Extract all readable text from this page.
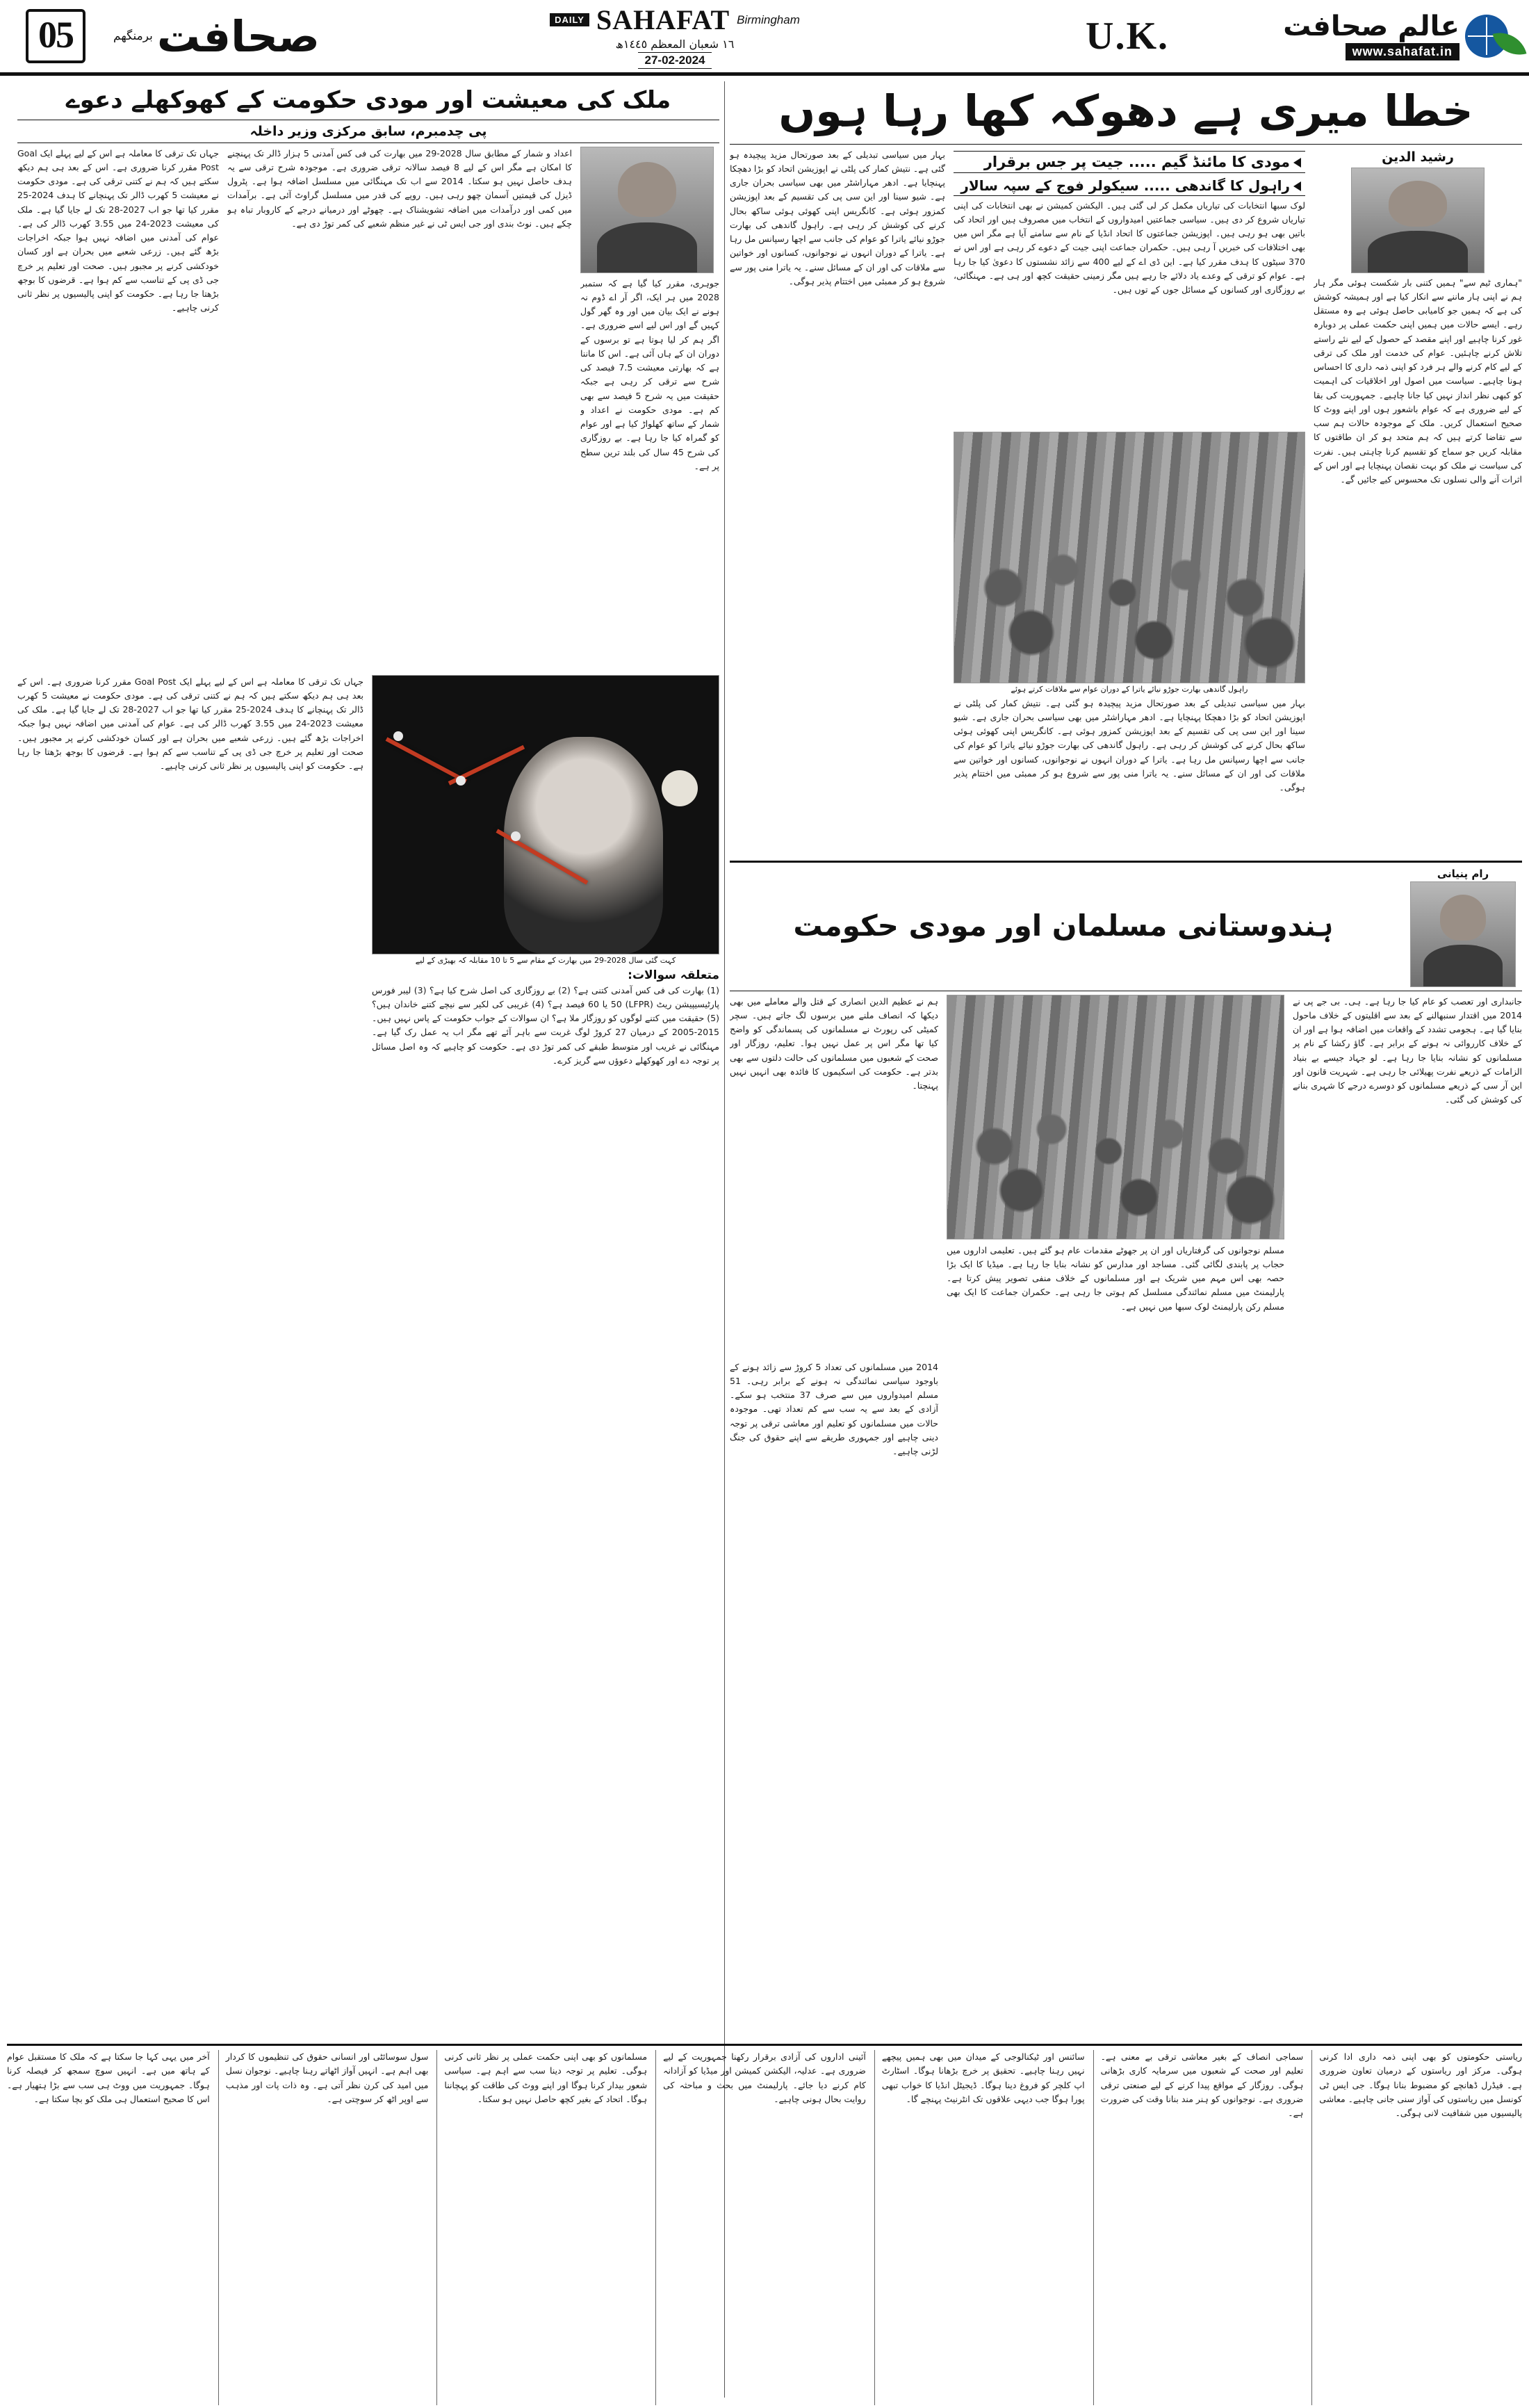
05 صحافت
برمنگھم
DAILY SAHAFAT Birmingham
١٦ شعبان المعظم ١٤٤٥ھ
27-02-2024
U.K.	عالم صحافت
www.sahafat.in
خطا میری ہے دھوکہ کھا رہا ہوں
رشید الدین
"ہماری ٹیم سے" ہمیں کتنی بار شکست ہوئی مگر ہار ہم نے اپنی ہار ماننے سے انکار کیا ہے اور ہمیشہ کوشش کی ہے کہ ہمیں جو کامیابی حاصل ہوئی ہے وہ مستقل رہے۔ ایسے حالات میں ہمیں اپنی حکمت عملی پر دوبارہ غور کرنا چاہیے اور اپنے مقصد کے حصول کے لیے نئے راستے تلاش کرنے چاہئیں۔ عوام کی خدمت اور ملک کی ترقی کے لیے کام کرنے والے ہر فرد کو اپنی ذمہ داری کا احساس ہونا چاہیے۔ سیاست میں اصول اور اخلاقیات کی اہمیت کو کبھی نظر انداز نہیں کیا جانا چاہیے۔ جمہوریت کی بقا کے لیے ضروری ہے کہ عوام باشعور ہوں اور اپنے ووٹ کا صحیح استعمال کریں۔ ملک کے موجودہ حالات ہم سب سے تقاضا کرتے ہیں کہ ہم متحد ہو کر ان طاقتوں کا مقابلہ کریں جو سماج کو تقسیم کرنا چاہتی ہیں۔ نفرت کی سیاست نے ملک کو بہت نقصان پہنچایا ہے اور اس کے اثرات آنے والی نسلوں تک محسوس کیے جائیں گے۔
مودی کا مائنڈ گیم ..... جیت پر جس برقرار
راہول کا گاندھی ..... سیکولر فوج کے سپہ سالار
لوک سبھا انتخابات کی تیاریاں مکمل کر لی گئی ہیں۔ الیکشن کمیشن نے بھی انتخابات کی اپنی تیاریاں شروع کر دی ہیں۔ سیاسی جماعتیں امیدواروں کے انتخاب میں مصروف ہیں اور اتحاد کی باتیں بھی ہو رہی ہیں۔ اپوزیشن جماعتوں کا اتحاد انڈیا کے نام سے سامنے آیا ہے مگر اس میں بھی اختلافات کی خبریں آ رہی ہیں۔ حکمران جماعت اپنی جیت کے دعوے کر رہی ہے اور اس نے 370 سیٹوں کا ہدف مقرر کیا ہے۔ این ڈی اے کے لیے 400 سے زائد نشستوں کا دعویٰ کیا جا رہا ہے۔ عوام کو ترقی کے وعدے یاد دلائے جا رہے ہیں مگر زمینی حقیقت کچھ اور ہی ہے۔ مہنگائی، بے روزگاری اور کسانوں کے مسائل جوں کے توں ہیں۔
راہول گاندھی بھارت جوڑو نیائے یاترا کے دوران عوام سے ملاقات کرتے ہوئے
بہار میں سیاسی تبدیلی کے بعد صورتحال مزید پیچیدہ ہو گئی ہے۔ نتیش کمار کی پلٹی نے اپوزیشن اتحاد کو بڑا دھچکا پہنچایا ہے۔ ادھر مہاراشٹر میں بھی سیاسی بحران جاری ہے۔ شیو سینا اور این سی پی کی تقسیم کے بعد اپوزیشن کمزور ہوئی ہے۔ کانگریس اپنی کھوئی ہوئی ساکھ بحال کرنے کی کوشش کر رہی ہے۔ راہول گاندھی کی بھارت جوڑو نیائے یاترا کو عوام کی جانب سے اچھا رسپانس مل رہا ہے۔ یاترا کے دوران انہوں نے نوجوانوں، کسانوں اور خواتین سے ملاقات کی اور ان کے مسائل سنے۔ یہ یاترا منی پور سے شروع ہو کر ممبئی میں اختتام پذیر ہوگی۔
بہار میں سیاسی تبدیلی کے بعد صورتحال مزید پیچیدہ ہو گئی ہے۔ نتیش کمار کی پلٹی نے اپوزیشن اتحاد کو بڑا دھچکا پہنچایا ہے۔ ادھر مہاراشٹر میں بھی سیاسی بحران جاری ہے۔ شیو سینا اور این سی پی کی تقسیم کے بعد اپوزیشن کمزور ہوئی ہے۔ کانگریس اپنی کھوئی ہوئی ساکھ بحال کرنے کی کوشش کر رہی ہے۔ راہول گاندھی کی بھارت جوڑو نیائے یاترا کو عوام کی جانب سے اچھا رسپانس مل رہا ہے۔ یاترا کے دوران انہوں نے نوجوانوں، کسانوں اور خواتین سے ملاقات کی اور ان کے مسائل سنے۔ یہ یاترا منی پور سے شروع ہو کر ممبئی میں اختتام پذیر ہوگی۔
رام پنیانی
ہندوستانی مسلمان اور مودی حکومت
جانبداری اور تعصب کو عام کیا جا رہا ہے۔ ہی۔ بی جے پی نے 2014 میں اقتدار سنبھالنے کے بعد سے اقلیتوں کے خلاف ماحول بنایا گیا ہے۔ ہجومی تشدد کے واقعات میں اضافہ ہوا ہے اور ان کے خلاف کارروائی نہ ہونے کے برابر ہے۔ گاؤ رکشا کے نام پر مسلمانوں کو نشانہ بنایا جا رہا ہے۔ لو جہاد جیسے بے بنیاد الزامات کے ذریعے نفرت پھیلائی جا رہی ہے۔ شہریت قانون اور این آر سی کے ذریعے مسلمانوں کو دوسرے درجے کا شہری بنانے کی کوشش کی گئی۔
مسلم نوجوانوں کی گرفتاریاں اور ان پر جھوٹے مقدمات عام ہو گئے ہیں۔ تعلیمی اداروں میں حجاب پر پابندی لگائی گئی۔ مساجد اور مدارس کو نشانہ بنایا جا رہا ہے۔ میڈیا کا ایک بڑا حصہ بھی اس مہم میں شریک ہے اور مسلمانوں کے خلاف منفی تصویر پیش کرتا ہے۔ پارلیمنٹ میں مسلم نمائندگی مسلسل کم ہوتی جا رہی ہے۔ حکمران جماعت کا ایک بھی مسلم رکن پارلیمنٹ لوک سبھا میں نہیں ہے۔
ہم نے عظیم الدین انصاری کے قتل والے معاملے میں بھی دیکھا کہ انصاف ملنے میں برسوں لگ جاتے ہیں۔ سچر کمیٹی کی رپورٹ نے مسلمانوں کی پسماندگی کو واضح کیا تھا مگر اس پر عمل نہیں ہوا۔ تعلیم، روزگار اور صحت کے شعبوں میں مسلمانوں کی حالت دلتوں سے بھی بدتر ہے۔ حکومت کی اسکیموں کا فائدہ بھی انہیں نہیں پہنچتا۔
2014 میں مسلمانوں کی تعداد 5 کروڑ سے زائد ہونے کے باوجود سیاسی نمائندگی نہ ہونے کے برابر رہی۔ 51 مسلم امیدواروں میں سے صرف 37 منتخب ہو سکے۔ آزادی کے بعد سے یہ سب سے کم تعداد تھی۔ موجودہ حالات میں مسلمانوں کو تعلیم اور معاشی ترقی پر توجہ دینی چاہیے اور جمہوری طریقے سے اپنے حقوق کی جنگ لڑنی چاہیے۔
ملک کی معیشت اور مودی حکومت کے کھوکھلے دعوے
پی چدمبرم، سابق مرکزی وزیر داخلہ
جوہری، مقرر کیا گیا ہے کہ ستمبر 2028 میں ہر ایک، اگر آر اے ڈوم نہ ہونے نے ایک بیان میں اور وہ گھر گول کہیں گے اور اس لیے اسے ضروری ہے۔ اگر ہم کر لیا ہوتا ہے تو برسوں کے دوران ان کے ہاں آئی ہے۔ اس کا ماننا ہے کہ بھارتی معیشت 7.5 فیصد کی شرح سے ترقی کر رہی ہے جبکہ حقیقت میں یہ شرح 5 فیصد سے بھی کم ہے۔ مودی حکومت نے اعداد و شمار کے ساتھ کھلواڑ کیا ہے اور عوام کو گمراہ کیا جا رہا ہے۔ بے روزگاری کی شرح 45 سال کی بلند ترین سطح پر ہے۔
اعداد و شمار کے مطابق سال 2028-29 میں بھارت کی فی کس آمدنی 5 ہزار ڈالر تک پہنچنے کا امکان ہے مگر اس کے لیے 8 فیصد سالانہ ترقی ضروری ہے۔ موجودہ شرح ترقی سے یہ ہدف حاصل نہیں ہو سکتا۔ 2014 سے اب تک مہنگائی میں مسلسل اضافہ ہوا ہے۔ پٹرول ڈیزل کی قیمتیں آسمان چھو رہی ہیں۔ روپے کی قدر میں مسلسل گراوٹ آئی ہے۔ برآمدات میں کمی اور درآمدات میں اضافہ تشویشناک ہے۔ چھوٹے اور درمیانے درجے کے کاروبار تباہ ہو چکے ہیں۔ نوٹ بندی اور جی ایس ٹی نے غیر منظم شعبے کی کمر توڑ دی ہے۔
جہاں تک ترقی کا معاملہ ہے اس کے لیے پہلے ایک Goal Post مقرر کرنا ضروری ہے۔ اس کے بعد ہی ہم دیکھ سکتے ہیں کہ ہم نے کتنی ترقی کی ہے۔ مودی حکومت نے معیشت 5 کھرب ڈالر تک پہنچانے کا ہدف 2024-25 مقرر کیا تھا جو اب 2027-28 تک لے جایا گیا ہے۔ ملک کی معیشت 2023-24 میں 3.55 کھرب ڈالر کی ہے۔ عوام کی آمدنی میں اضافہ نہیں ہوا جبکہ اخراجات بڑھ گئے ہیں۔ زرعی شعبے میں بحران ہے اور کسان خودکشی کرنے پر مجبور ہیں۔ صحت اور تعلیم پر خرچ جی ڈی پی کے تناسب سے کم ہوا ہے۔ قرضوں کا بوجھ بڑھتا جا رہا ہے۔ حکومت کو اپنی پالیسیوں پر نظر ثانی کرنی چاہیے۔
کہت گئی سال 2028-29 میں بھارت کے مقام سے 5 تا 10 مقابلہ کہ بھیڑی کے لیے
متعلقہ سوالات:
(1) بھارت کی فی کس آمدنی کتنی ہے؟ (2) بے روزگاری کی اصل شرح کیا ہے؟ (3) لیبر فورس پارٹیسیپیشن ریٹ (LFPR) 50 یا 60 فیصد ہے؟ (4) غریبی کی لکیر سے نیچے کتنے خاندان ہیں؟ (5) حقیقت میں کتنے لوگوں کو روزگار ملا ہے؟ ان سوالات کے جواب حکومت کے پاس نہیں ہیں۔ 2015-2005 کے درمیان 27 کروڑ لوگ غربت سے باہر آئے تھے مگر اب یہ عمل رک گیا ہے۔ مہنگائی نے غریب اور متوسط طبقے کی کمر توڑ دی ہے۔ حکومت کو چاہیے کہ وہ اصل مسائل پر توجہ دے اور کھوکھلے دعوؤں سے گریز کرے۔
جہاں تک ترقی کا معاملہ ہے اس کے لیے پہلے ایک Goal Post مقرر کرنا ضروری ہے۔ اس کے بعد ہی ہم دیکھ سکتے ہیں کہ ہم نے کتنی ترقی کی ہے۔ مودی حکومت نے معیشت 5 کھرب ڈالر تک پہنچانے کا ہدف 2024-25 مقرر کیا تھا جو اب 2027-28 تک لے جایا گیا ہے۔ ملک کی معیشت 2023-24 میں 3.55 کھرب ڈالر کی ہے۔ عوام کی آمدنی میں اضافہ نہیں ہوا جبکہ اخراجات بڑھ گئے ہیں۔ زرعی شعبے میں بحران ہے اور کسان خودکشی کرنے پر مجبور ہیں۔ صحت اور تعلیم پر خرچ جی ڈی پی کے تناسب سے کم ہوا ہے۔ قرضوں کا بوجھ بڑھتا جا رہا ہے۔ حکومت کو اپنی پالیسیوں پر نظر ثانی کرنی چاہیے۔
ریاستی حکومتوں کو بھی اپنی ذمہ داری ادا کرنی ہوگی۔ مرکز اور ریاستوں کے درمیان تعاون ضروری ہے۔ فیڈرل ڈھانچے کو مضبوط بنانا ہوگا۔ جی ایس ٹی کونسل میں ریاستوں کی آواز سنی جانی چاہیے۔ معاشی پالیسیوں میں شفافیت لانی ہوگی۔
سماجی انصاف کے بغیر معاشی ترقی بے معنی ہے۔ تعلیم اور صحت کے شعبوں میں سرمایہ کاری بڑھانی ہوگی۔ روزگار کے مواقع پیدا کرنے کے لیے صنعتی ترقی ضروری ہے۔ نوجوانوں کو ہنر مند بنانا وقت کی ضرورت ہے۔
سائنس اور ٹیکنالوجی کے میدان میں بھی ہمیں پیچھے نہیں رہنا چاہیے۔ تحقیق پر خرچ بڑھانا ہوگا۔ اسٹارٹ اپ کلچر کو فروغ دینا ہوگا۔ ڈیجیٹل انڈیا کا خواب تبھی پورا ہوگا جب دیہی علاقوں تک انٹرنیٹ پہنچے گا۔
آئینی اداروں کی آزادی برقرار رکھنا جمہوریت کے لیے ضروری ہے۔ عدلیہ، الیکشن کمیشن اور میڈیا کو آزادانہ کام کرنے دیا جائے۔ پارلیمنٹ میں بحث و مباحثہ کی روایت بحال ہونی چاہیے۔
مسلمانوں کو بھی اپنی حکمت عملی پر نظر ثانی کرنی ہوگی۔ تعلیم پر توجہ دینا سب سے اہم ہے۔ سیاسی شعور بیدار کرنا ہوگا اور اپنے ووٹ کی طاقت کو پہچاننا ہوگا۔ اتحاد کے بغیر کچھ حاصل نہیں ہو سکتا۔
سول سوسائٹی اور انسانی حقوق کی تنظیموں کا کردار بھی اہم ہے۔ انہیں آواز اٹھاتے رہنا چاہیے۔ نوجوان نسل میں امید کی کرن نظر آتی ہے۔ وہ ذات پات اور مذہب سے اوپر اٹھ کر سوچتی ہے۔
آخر میں یہی کہا جا سکتا ہے کہ ملک کا مستقبل عوام کے ہاتھ میں ہے۔ انہیں سوچ سمجھ کر فیصلہ کرنا ہوگا۔ جمہوریت میں ووٹ ہی سب سے بڑا ہتھیار ہے۔ اس کا صحیح استعمال ہی ملک کو بچا سکتا ہے۔
